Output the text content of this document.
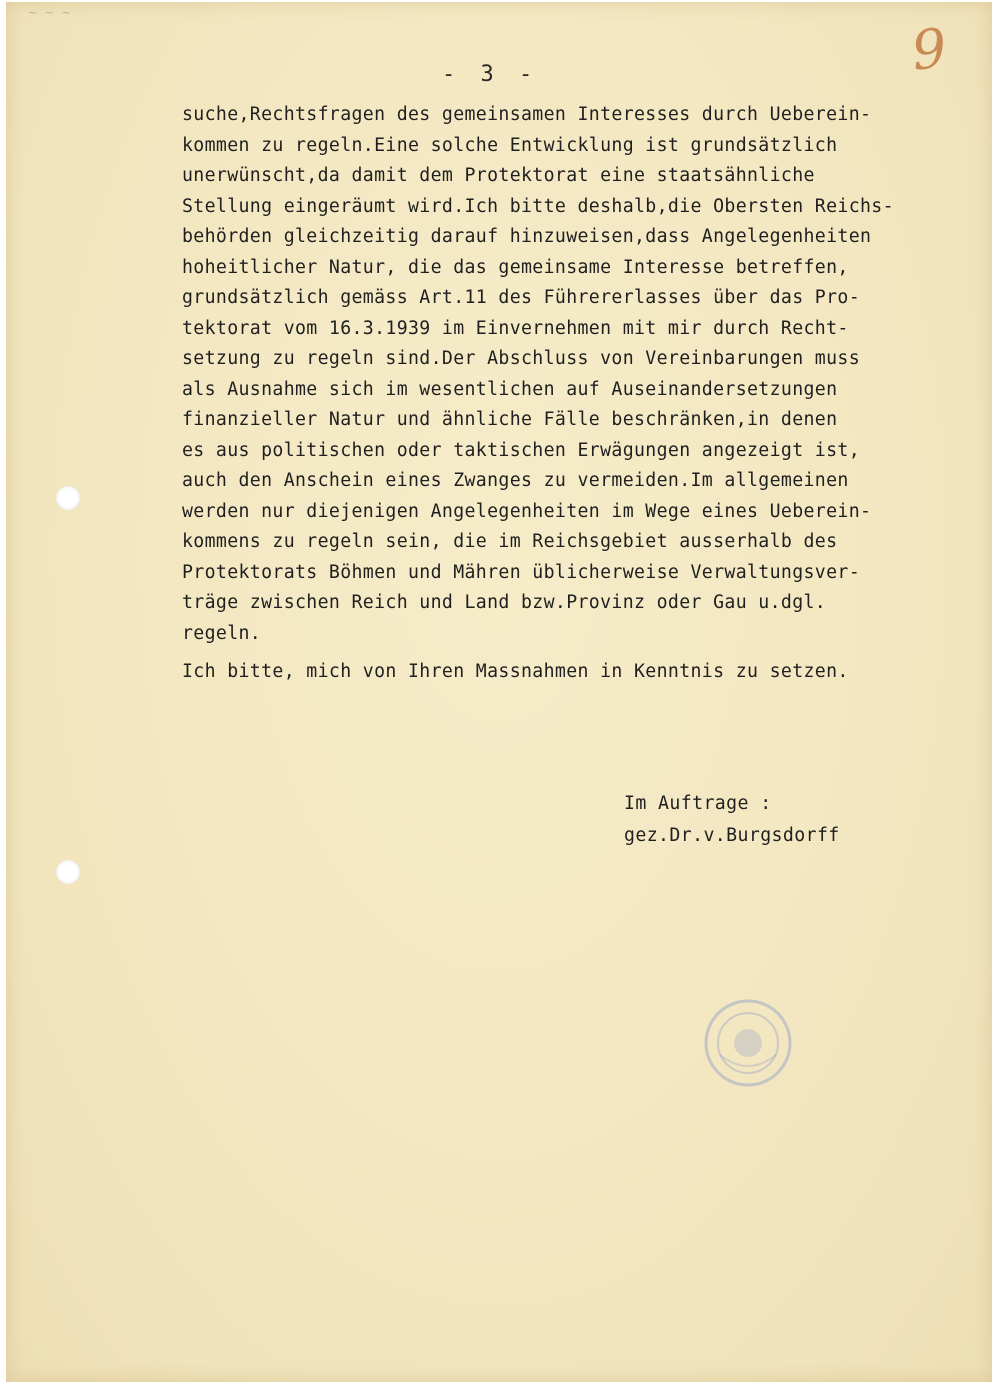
~ ~ ~
9
- 3 -
suche,Rechtsfragen des gemeinsamen Interesses durch Ueberein-
kommen zu regeln.Eine solche Entwicklung ist grundsätzlich
unerwünscht,da damit dem Protektorat eine staatsähnliche
Stellung eingeräumt wird.Ich bitte deshalb,die Obersten Reichs-
behörden gleichzeitig darauf hinzuweisen,dass Angelegenheiten
hoheitlicher Natur, die das gemeinsame Interesse betreffen,
grundsätzlich gemäss Art.11 des Führererlasses über das Pro-
tektorat vom 16.3.1939 im Einvernehmen mit mir durch Recht-
setzung zu regeln sind.Der Abschluss von Vereinbarungen muss
als Ausnahme sich im wesentlichen auf Auseinandersetzungen
finanzieller Natur und ähnliche Fälle beschränken,in denen
es aus politischen oder taktischen Erwägungen angezeigt ist,
auch den Anschein eines Zwanges zu vermeiden.Im allgemeinen
werden nur diejenigen Angelegenheiten im Wege eines Ueberein-
kommens zu regeln sein, die im Reichsgebiet ausserhalb des
Protektorats Böhmen und Mähren üblicherweise Verwaltungsver-
träge zwischen Reich und Land bzw.Provinz oder Gau u.dgl.
regeln.
Ich bitte, mich von Ihren Massnahmen in Kenntnis zu setzen.
Im Auftrage :
gez.Dr.v.Burgsdorff
